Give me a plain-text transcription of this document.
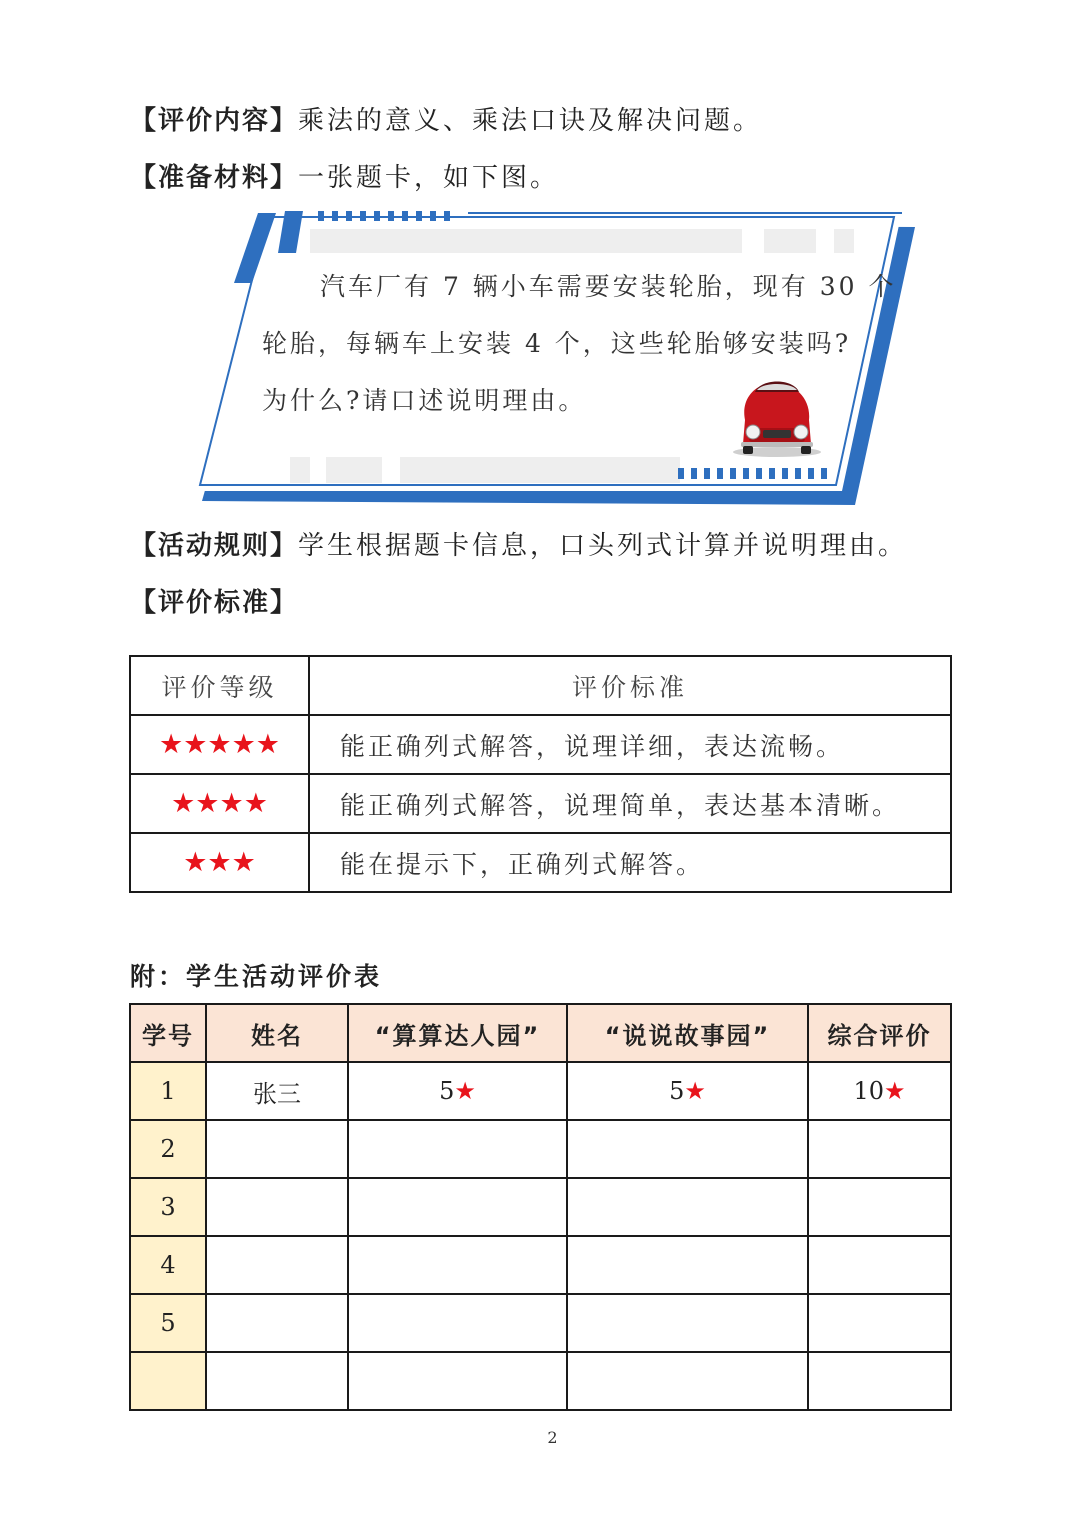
【评价内容】乘法的意义、乘法口诀及解决问题。
【准备材料】一张题卡，如下图。
汽车厂有 7 辆小车需要安装轮胎，现有 30 个
轮胎，每辆车上安装 4 个，这些轮胎够安装吗?
为什么?请口述说明理由。
【活动规则】学生根据题卡信息，口头列式计算并说明理由。
【评价标准】
评价等级	评价标准
★★★★★	能正确列式解答，说理详细，表达流畅。
★★★★	能正确列式解答，说理简单，表达基本清晰。
★★★	能在提示下，正确列式解答。
附：学生活动评价表
学号	姓名	“算算达人园”	“说说故事园”	综合评价
1	张三	5★	5★	10★
2				
3				
4				
5				

2
